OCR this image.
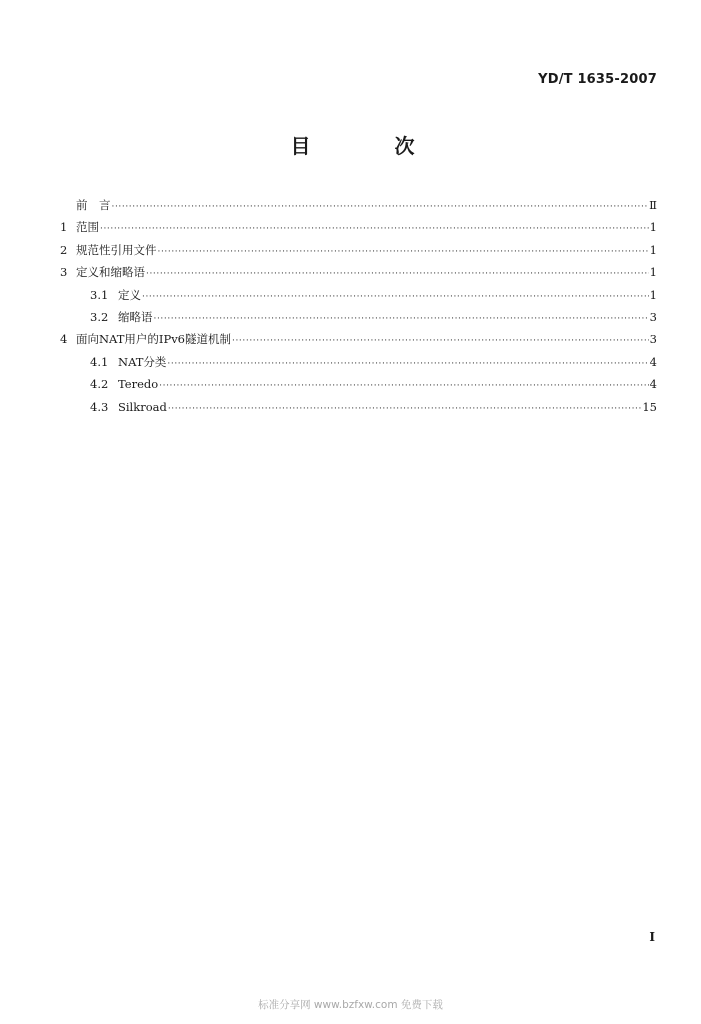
YD/T 1635-2007
目　次
前　言 ·····	Ⅱ
1 范围 ·····	1
2 规范性引用文件 ·····	1
3 定义和缩略语 ·····	1
3.1 定义 ·····	1
3.2 缩略语 ·····	3
4 面向NAT用户的IPv6隧道机制 ·····	3
4.1 NAT分类 ·····	4
4.2 Teredo ·····	4
4.3 Silkroad ·····	15
I
标准分享网 www.bzfxw.com 免费下载
